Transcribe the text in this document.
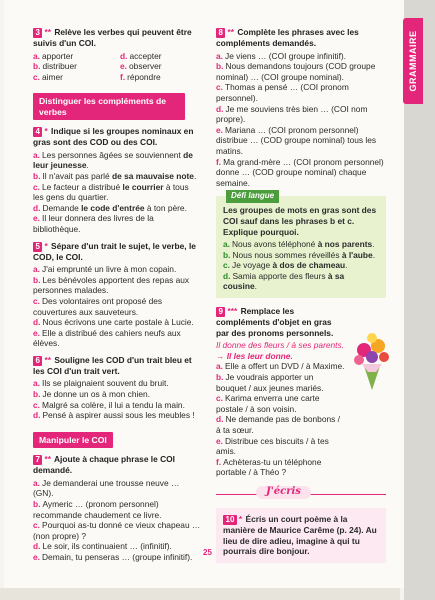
GRAMMAIRE
3 ** Relève les verbes qui peuvent être suivis d'un COI.
a. apporter	d. accepter
b. distribuer	e. observer
c. aimer	f. répondre
Distinguer les compléments de verbes
4 * Indique si les groupes nominaux en gras sont des COD ou des COI.
a. Les personnes âgées se souviennent de leur jeunesse.
b. Il n'avait pas parlé de sa mauvaise note.
c. Le facteur a distribué le courrier à tous les gens du quartier.
d. Demande le code d'entrée à ton père.
e. Il leur donnera des livres de la bibliothèque.
5 * Sépare d'un trait le sujet, le verbe, le COD, le COI.
a. J'ai emprunté un livre à mon copain.
b. Les bénévoles apportent des repas aux personnes malades.
c. Des volontaires ont proposé des couvertures aux sauveteurs.
d. Nous écrivons une carte postale à Lucie.
e. Elle a distribué des cahiers neufs aux élèves.
6 ** Souligne les COD d'un trait bleu et les COI d'un trait vert.
a. Ils se plaignaient souvent du bruit.
b. Je donne un os à mon chien.
c. Malgré sa colère, il lui a tendu la main.
d. Pensé à aspirer aussi sous les meubles !
Manipuler le COI
7 ** Ajoute à chaque phrase le COI demandé.
a. Je demanderai une trousse neuve … (GN).
b. Aymeric … (pronom personnel) recommande chaudement ce livre.
c. Pourquoi as-tu donné ce vieux chapeau … (non propre) ?
d. Le soir, ils continuaient … (infinitif).
e. Demain, tu penseras … (groupe infinitif).
8 ** Complète les phrases avec les compléments demandés.
a. Je viens … (COI groupe infinitif).
b. Nous demandons toujours (COD groupe nominal) … (COI groupe nominal).
c. Thomas a pensé … (COI pronom personnel).
d. Je me souviens très bien … (COI nom propre).
e. Mariana … (COI pronom personnel) distribue … (COD groupe nominal) tous les matins.
f. Ma grand-mère … (COI pronom personnel) donne … (COD groupe nominal) chaque semaine.
Défi langue
Les groupes de mots en gras sont des COI sauf dans les phrases b et c. Explique pourquoi.
a. Nous avons téléphoné à nos parents.
b. Nous nous sommes réveillés à l'aube.
c. Je voyage à dos de chameau.
d. Samia apporte des fleurs à sa cousine.
9 *** Remplace les compléments d'objet en gras par des pronoms personnels.
Il donne des fleurs / à ses parents.
→ Il les leur donne.
a. Elle a offert un DVD / à Maxime.
b. Je voudrais apporter un bouquet / aux jeunes mariés.
c. Karima enverra une carte postale / à son voisin.
d. Ne demande pas de bonbons / à ta sœur.
e. Distribue ces biscuits / à tes amis.
f. Achèteras-tu un téléphone portable / à Théo ?
J'écris
10 * Écris un court poème à la manière de Maurice Carême (p. 24). Au lieu de dire adieu, imagine à qui tu pourrais dire bonjour.
25
